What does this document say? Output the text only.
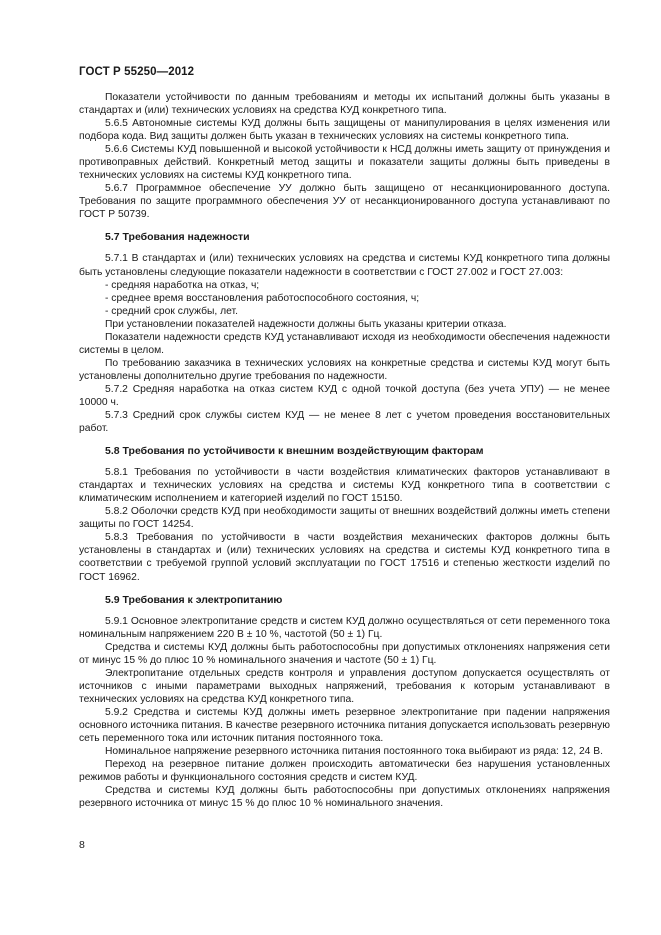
ГОСТ Р 55250—2012

Показатели устойчивости по данным требованиям и методы их испытаний должны быть указаны в стандартах и (или) технических условиях на средства КУД конкретного типа.

5.6.5 Автономные системы КУД должны быть защищены от манипулирования в целях изменения или подбора кода. Вид защиты должен быть указан в технических условиях на системы конкретного типа.

5.6.6 Системы КУД повышенной и высокой устойчивости к НСД должны иметь защиту от принуждения и противоправных действий. Конкретный метод защиты и показатели защиты должны быть приведены в технических условиях на системы КУД конкретного типа.

5.6.7 Программное обеспечение УУ должно быть защищено от несанкционированного доступа. Требования по защите программного обеспечения УУ от несанкционированного доступа устанавливают по ГОСТ Р 50739.

5.7 Требования надежности

5.7.1 В стандартах и (или) технических условиях на средства и системы КУД конкретного типа должны быть установлены следующие показатели надежности в соответствии с ГОСТ 27.002 и ГОСТ 27.003:

- средняя наработка на отказ, ч;

- среднее время восстановления работоспособного состояния, ч;

- средний срок службы, лет.

При установлении показателей надежности должны быть указаны критерии отказа.

Показатели надежности средств КУД устанавливают исходя из необходимости обеспечения надежности системы в целом.

По требованию заказчика в технических условиях на конкретные средства и системы КУД могут быть установлены дополнительно другие требования по надежности.

5.7.2 Средняя наработка на отказ систем КУД с одной точкой доступа (без учета УПУ) — не менее 10000 ч.

5.7.3 Средний срок службы систем КУД — не менее 8 лет с учетом проведения восстановительных работ.

5.8 Требования по устойчивости к внешним воздействующим факторам

5.8.1 Требования по устойчивости в части воздействия климатических факторов устанавливают в стандартах и технических условиях на средства и системы КУД конкретного типа в соответствии с климатическим исполнением и категорией изделий по ГОСТ 15150.

5.8.2 Оболочки средств КУД при необходимости защиты от внешних воздействий должны иметь степени защиты по ГОСТ 14254.

5.8.3 Требования по устойчивости в части воздействия механических факторов должны быть установлены в стандартах и (или) технических условиях на средства и системы КУД конкретного типа в соответствии с требуемой группой условий эксплуатации по ГОСТ 17516 и степенью жесткости изделий по ГОСТ 16962.

5.9 Требования к электропитанию

5.9.1 Основное электропитание средств и систем КУД должно осуществляться от сети переменного тока номинальным напряжением 220 В ± 10 %, частотой (50 ± 1) Гц.

Средства и системы КУД должны быть работоспособны при допустимых отклонениях напряжения сети от минус 15 % до плюс 10 % номинального значения и частоте (50 ± 1) Гц.

Электропитание отдельных средств контроля и управления доступом допускается осуществлять от источников с иными параметрами выходных напряжений, требования к которым устанавливают в технических условиях на средства КУД конкретного типа.

5.9.2 Средства и системы КУД должны иметь резервное электропитание при падении напряжения основного источника питания. В качестве резервного источника питания допускается использовать резервную сеть переменного тока или источник питания постоянного тока.

Номинальное напряжение резервного источника питания постоянного тока выбирают из ряда: 12, 24 В.

Переход на резервное питание должен происходить автоматически без нарушения установленных режимов работы и функционального состояния средств и систем КУД.

Средства и системы КУД должны быть работоспособны при допустимых отклонениях напряжения резервного источника от минус 15 % до плюс 10 % номинального значения.

8
